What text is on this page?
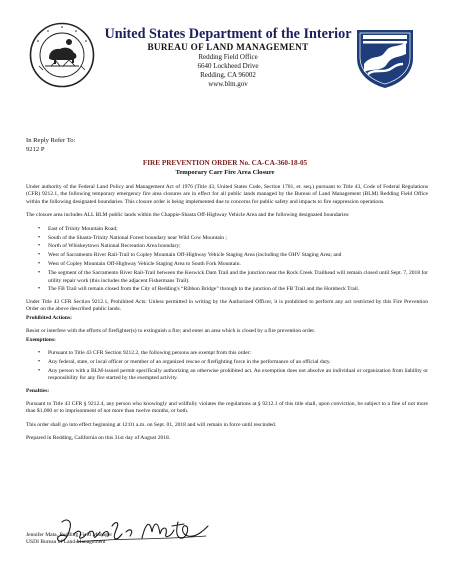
United States Department of the Interior
BUREAU OF LAND MANAGEMENT
Redding Field Office
6640 Lockheed Drive
Redding, CA 96002
www.blm.gov
In Reply Refer To:
9212 P
FIRE PREVENTION ORDER No. CA-CA-360-18-05
Temporary Carr Fire Area Closure

Under authority of the Federal Land Policy and Management Act of 1976 (Title 43, United States Code, Section 1701, et. seq.) pursuant to Title 43, Code of Federal Regulations (CFR) 9212.1, the following temporary emergency fire area closures are in effect for all public lands managed by the Bureau of Land Management (BLM) Redding Field Office within the following designated boundaries. This closure order is being implemented due to concerns for public safety and impacts to fire suppression operations.

The closure area includes ALL BLM public lands within the Chappie-Shasta Off-Highway Vehicle Area and the following designated boundaries:

• East of Trinity Mountain Road;
• South of the Shasta-Trinity National Forest boundary near Wild Cow Mountain ;
• North of Whiskeytown National Recreation Area boundary;
• West of Sacramento River Rail-Trail to Copley Mountain Off-Highway Vehicle Staging Area (including the OHV Staging Area; and
• West of Copley Mountain Off-Highway Vehicle Staging Area to South Fork Mountain.
• The segment of the Sacramento River Rail-Trail between the Keswick Dam Trail and the junction near the Rock Creek Trailhead will remain closed until Sept. 7, 2018 for utility repair work (this includes the adjacent Fishermans Trail).
• The FB Trail will remain closed from the City of Redding's “Ribbon Bridge” through to the junction of the FB Trail and the Hornbeck Trail.

Under Title 43 CFR Section 9212.1, Prohibited Acts: Unless permitted in writing by the Authorized Officer, it is prohibited to perform any act restricted by this Fire Prevention Order on the above described public lands.

Prohibited Actions:

Resist or interfere with the efforts of firefighter(s) to extinguish a fire; and enter an area which is closed by a fire prevention order.

Exemptions:

• Pursuant to Title 43 CFR Section 9212.2, the following persons are exempt from this order:
• Any federal, state, or local officer or member of an organized rescue or firefighting force in the performance of an official duty.
• Any person with a BLM-issued permit specifically authorizing an otherwise prohibited act. An exemption does not absolve an individual or organization from liability or responsibility for any fire started by the exempted activity.

Penalties:

Pursuant to Title 43 CFR § 9212.4, any person who knowingly and willfully violates the regulations at § 9212.1 of this title shall, upon conviction, be subject to a fine of not more than $1,000 or to imprisonment of not more than twelve months, or both.

This order shall go into effect beginning at 12:01 a.m. on Sept. 01, 2018 and will remain in force until rescinded.

Prepared in Redding, California on this 31st day of August 2018.

Jennifer Mata, Redding Field Manager
USDI Bureau of Land Management
